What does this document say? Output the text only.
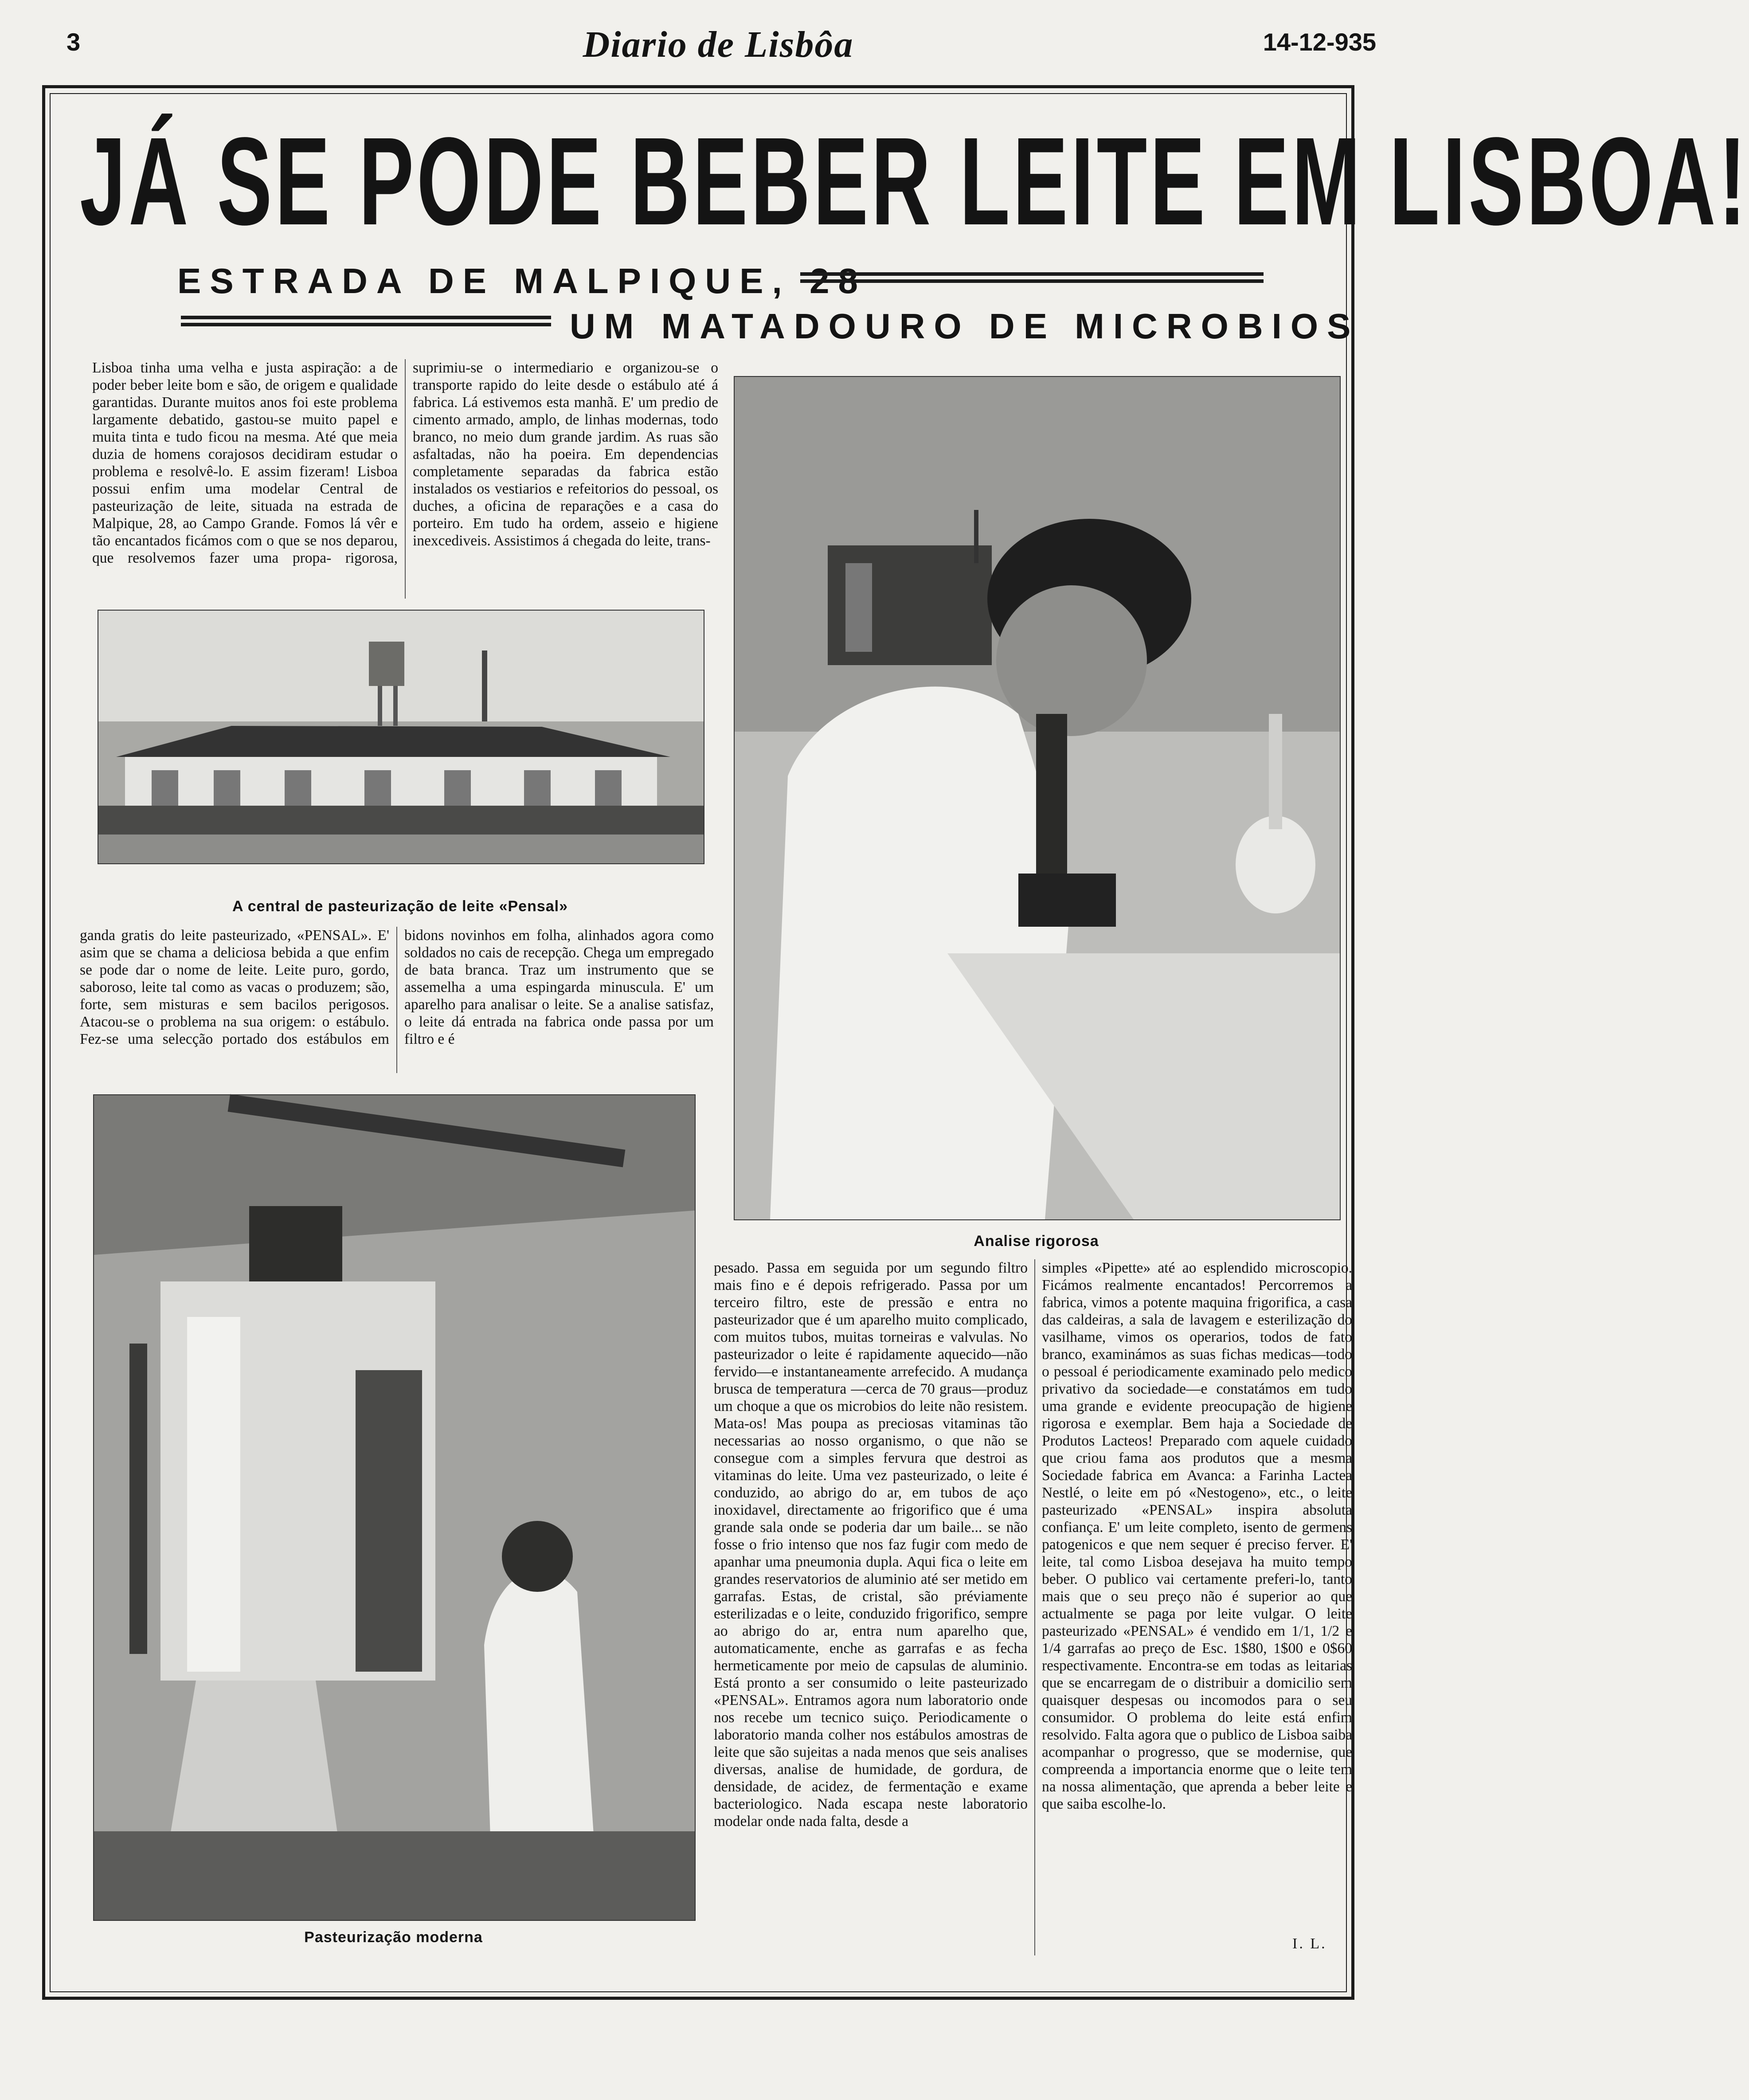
3	Diario de Lisbôa	14-12-935
JÁ SE PODE BEBER LEITE EM LISBOA!
ESTRADA DE MALPIQUE, 28
UM MATADOURO DE MICROBIOS
Lisboa tinha uma velha e justa aspiração: a de poder beber leite bom e são, de origem e qualidade garantidas. Durante muitos anos foi este problema largamente debatido, gastou-se muito papel e muita tinta e tudo ficou na mesma. Até que meia duzia de homens corajosos decidiram estudar o problema e resolvê-lo. E assim fizeram! Lisboa possui enfim uma modelar Central de pasteurização de leite, situada na estrada de Malpique, 28, ao Campo Grande. Fomos lá vêr e tão encantados ficámos com o que se nos deparou, que resolvemos fazer uma propa- rigorosa, suprimiu-se o intermediario e organizou-se o transporte rapido do leite desde o estábulo até á fabrica. Lá estivemos esta manhã. E' um predio de cimento armado, amplo, de linhas modernas, todo branco, no meio dum grande jardim. As ruas são asfaltadas, não ha poeira. Em dependencias completamente separadas da fabrica estão instalados os vestiarios e refeitorios do pessoal, os duches, a oficina de reparações e a casa do porteiro. Em tudo ha ordem, asseio e higiene inexcediveis. Assistimos á chegada do leite, trans-
A central de pasteurização de leite «Pensal»
ganda gratis do leite pasteurizado, «PENSAL». E' asim que se chama a deliciosa bebida a que enfim se pode dar o nome de leite. Leite puro, gordo, saboroso, leite tal como as vacas o produzem; são, forte, sem misturas e sem bacilos perigosos. Atacou-se o problema na sua origem: o estábulo. Fez-se uma selecção portado dos estábulos em bidons novinhos em folha, alinhados agora como soldados no cais de recepção. Chega um empregado de bata branca. Traz um instrumento que se assemelha a uma espingarda minuscula. E' um aparelho para analisar o leite. Se a analise satisfaz, o leite dá entrada na fabrica onde passa por um filtro e é
Analise rigorosa
Pasteurização moderna
pesado. Passa em seguida por um segundo filtro mais fino e é depois refrigerado. Passa por um terceiro filtro, este de pressão e entra no pasteurizador que é um aparelho muito complicado, com muitos tubos, muitas torneiras e valvulas. No pasteurizador o leite é rapidamente aquecido—não fervido—e instantaneamente arrefecido. A mudança brusca de temperatura —cerca de 70 graus—produz um choque a que os microbios do leite não resistem. Mata-os! Mas poupa as preciosas vitaminas tão necessarias ao nosso organismo, o que não se consegue com a simples fervura que destroi as vitaminas do leite. Uma vez pasteurizado, o leite é conduzido, ao abrigo do ar, em tubos de aço inoxidavel, directamente ao frigorifico que é uma grande sala onde se poderia dar um baile... se não fosse o frio intenso que nos faz fugir com medo de apanhar uma pneumonia dupla. Aqui fica o leite em grandes reservatorios de aluminio até ser metido em garrafas. Estas, de cristal, são préviamente esterilizadas e o leite, conduzido frigorifico, sempre ao abrigo do ar, entra num aparelho que, automaticamente, enche as garrafas e as fecha hermeticamente por meio de capsulas de aluminio. Está pronto a ser consumido o leite pasteurizado «PENSAL». Entramos agora num laboratorio onde nos recebe um tecnico suiço. Periodicamente o laboratorio manda colher nos estábulos amostras de leite que são sujeitas a nada menos que seis analises diversas, analise de humidade, de gordura, de densidade, de acidez, de fermentação e exame bacteriologico. Nada escapa neste laboratorio modelar onde nada falta, desde a
simples «Pipette» até ao esplendido microscopio. Ficámos realmente encantados! Percorremos a fabrica, vimos a potente maquina frigorifica, a casa das caldeiras, a sala de lavagem e esterilização do vasilhame, vimos os operarios, todos de fato branco, examinámos as suas fichas medicas—todo o pessoal é periodicamente examinado pelo medico privativo da sociedade—e constatámos em tudo uma grande e evidente preocupação de higiene rigorosa e exemplar. Bem haja a Sociedade de Produtos Lacteos! Preparado com aquele cuidado que criou fama aos produtos que a mesma Sociedade fabrica em Avanca: a Farinha Lactea Nestlé, o leite em pó «Nestogeno», etc., o leite pasteurizado «PENSAL» inspira absoluta confiança. E' um leite completo, isento de germens patogenicos e que nem sequer é preciso ferver. E' leite, tal como Lisboa desejava ha muito tempo beber. O publico vai certamente preferi-lo, tanto mais que o seu preço não é superior ao que actualmente se paga por leite vulgar. O leite pasteurizado «PENSAL» é vendido em 1/1, 1/2 e 1/4 garrafas ao preço de Esc. 1$80, 1$00 e 0$60 respectivamente. Encontra-se em todas as leitarias que se encarregam de o distribuir a domicilio sem quaisquer despesas ou incomodos para o seu consumidor. O problema do leite está enfim resolvido. Falta agora que o publico de Lisboa saiba acompanhar o progresso, que se modernise, que compreenda a importancia enorme que o leite tem na nossa alimentação, que aprenda a beber leite e que saiba escolhe-lo.
I. L.
